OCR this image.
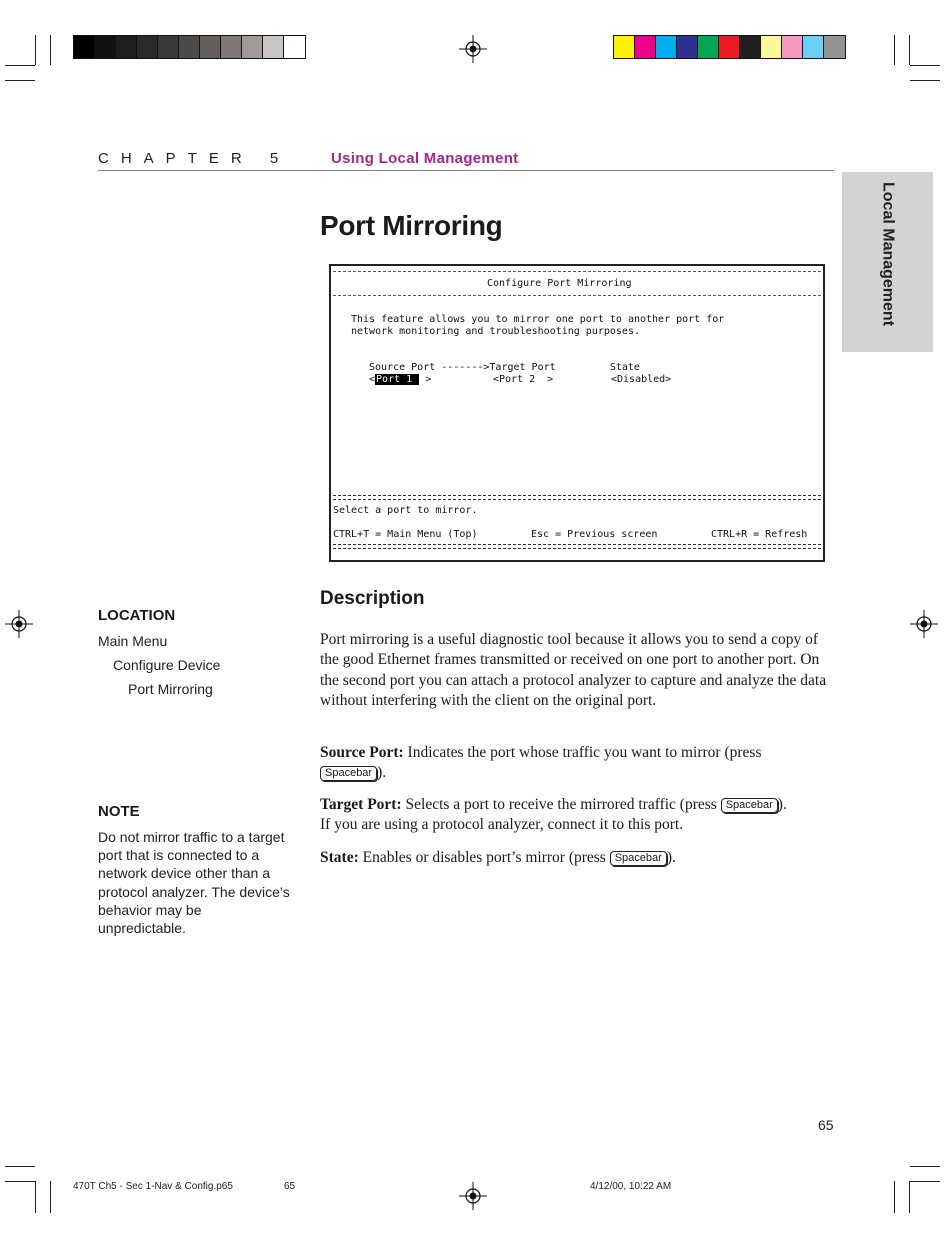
CHAPTER 5	Using Local Management
Local Management
Port Mirroring
Configure Port Mirroring
This feature allows you to mirror one port to another port for
network monitoring and troubleshooting purposes.
Source Port ------->Target Port         State
<Port 1  >	<Port 2  >	<Disabled>
Select a port to mirror.
CTRL+T = Main Menu (Top)	Esc = Previous screen	CTRL+R = Refresh
Description
Port mirroring is a useful diagnostic tool because it allows you to send a copy of the good Ethernet frames transmitted or received on one port to another port. On the second port you can attach a protocol analyzer to capture and analyze the data without interfering with the client on the original port.
Source Port: Indicates the port whose traffic you want to mirror (press
Spacebar ).
Target Port: Selects a port to receive the mirrored traffic (press Spacebar ).
If you are using a protocol analyzer, connect it to this port.
State: Enables or disables port’s mirror (press Spacebar ).
LOCATION
Main Menu
Configure Device
Port Mirroring
NOTE
Do not mirror traffic to a target port that is connected to a network device other than a protocol analyzer. The device’s behavior may be unpredictable.
65
470T Ch5 - Sec 1-Nav & Config.p65	65	4/12/00, 10:22 AM
